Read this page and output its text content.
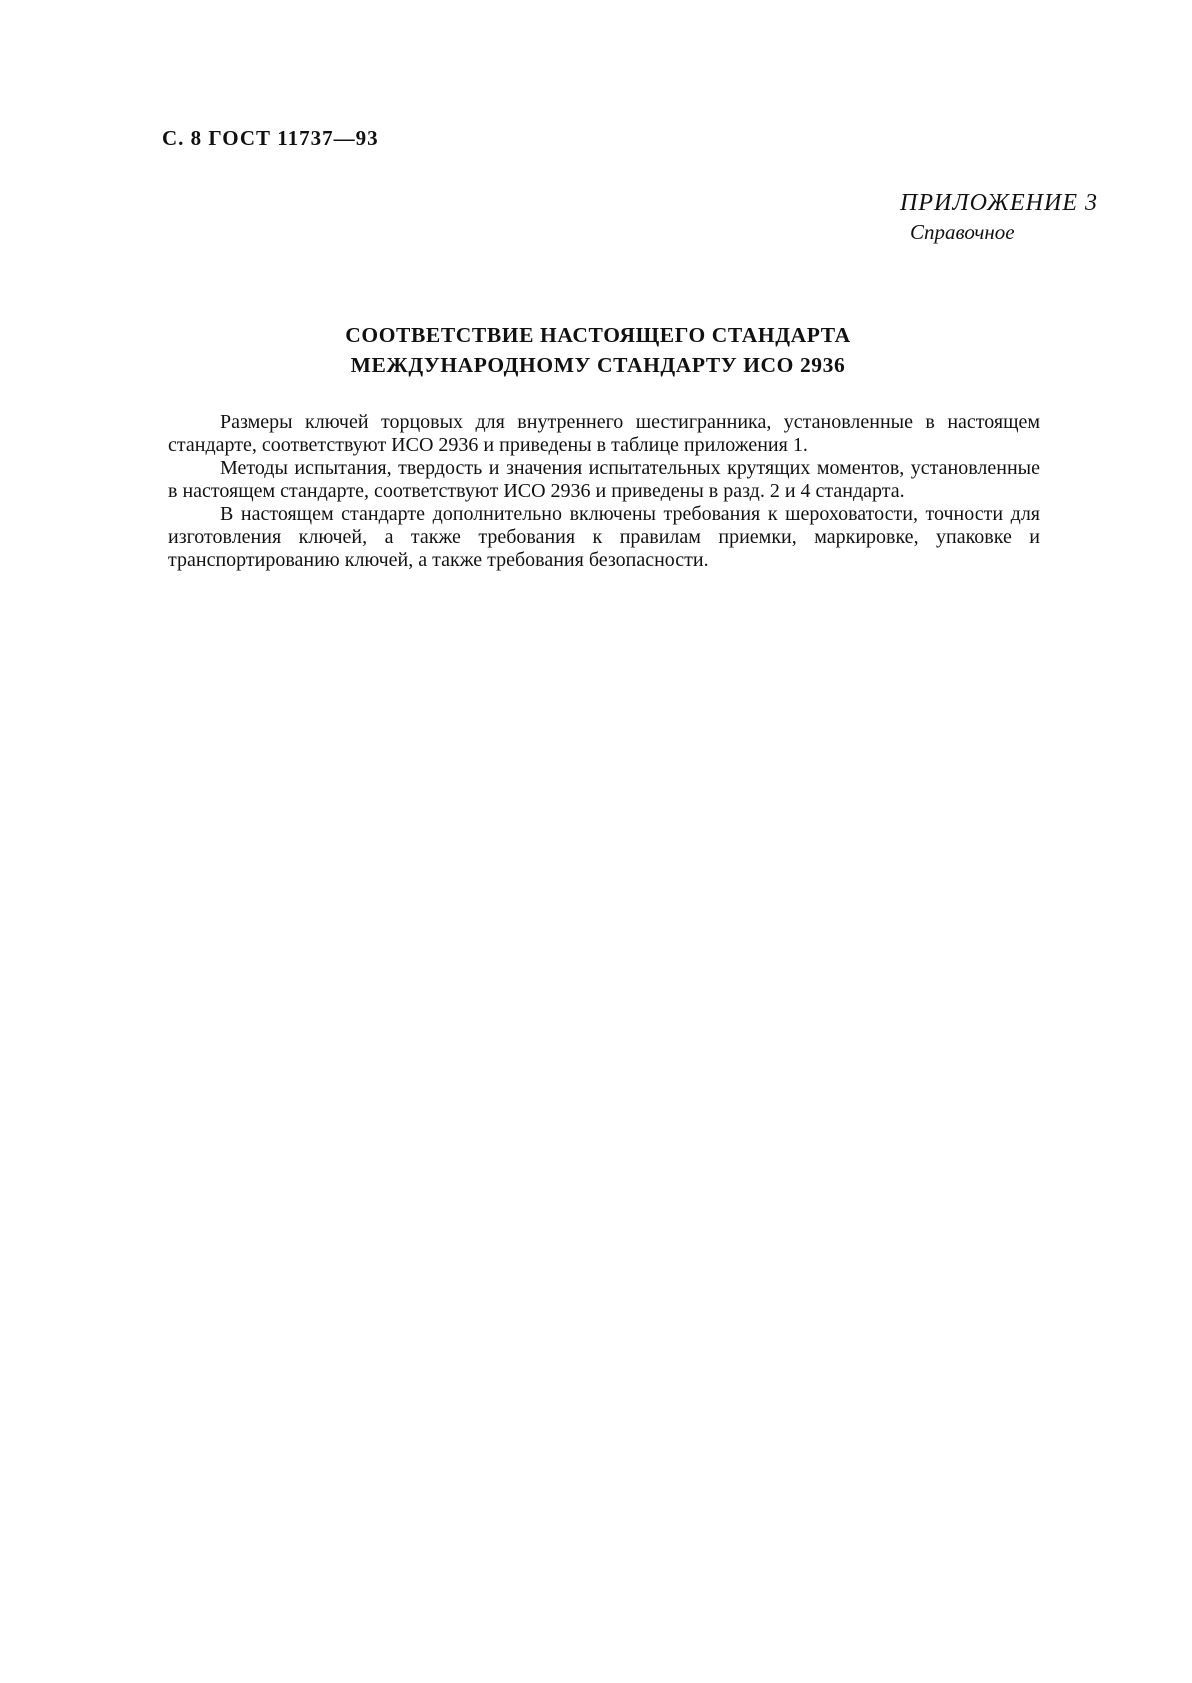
С. 8 ГОСТ 11737—93
ПРИЛОЖЕНИЕ 3
Справочное
СООТВЕТСТВИЕ НАСТОЯЩЕГО СТАНДАРТА
МЕЖДУНАРОДНОМУ СТАНДАРТУ ИСО 2936

Размеры ключей торцовых для внутреннего шестигранника, установленные в настоящем стандарте, соответствуют ИСО 2936 и приведены в таблице приложения 1.

Методы испытания, твердость и значения испытательных крутящих моментов, установленные в настоящем стандарте, соответствуют ИСО 2936 и приведены в разд. 2 и 4 стандарта.

В настоящем стандарте дополнительно включены требования к шероховатости, точности для изготовления ключей, а также требования к правилам приемки, маркировке, упаковке и транспортированию ключей, а также требования безопасности.
